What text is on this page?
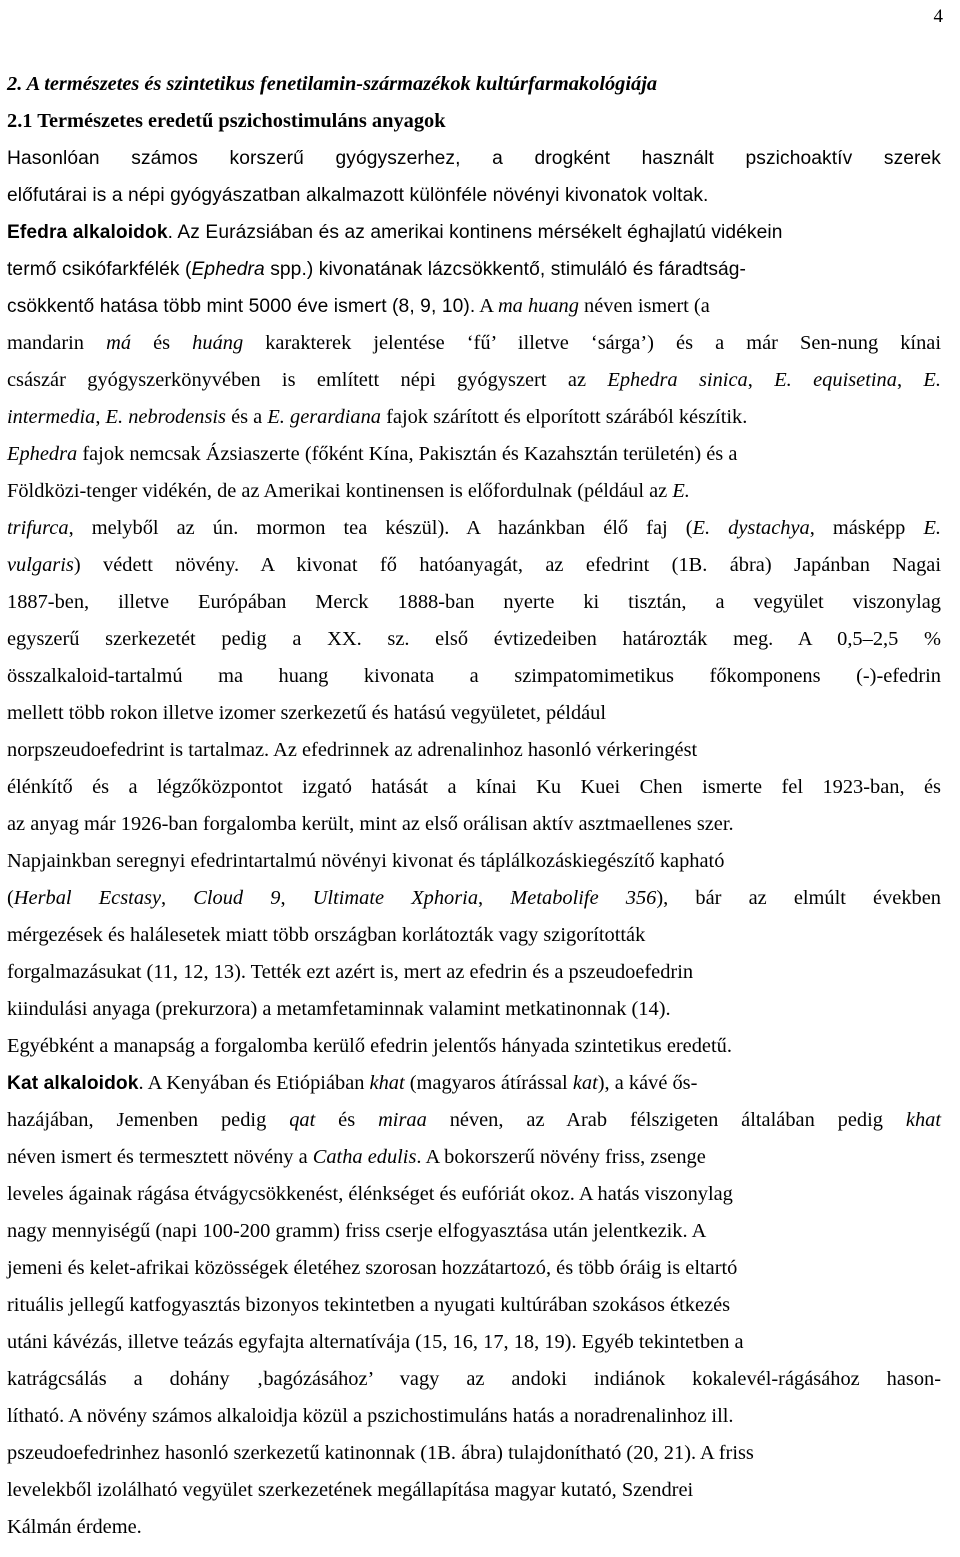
4
2. A természetes és szintetikus fenetilamin-származékok kultúrfarmakológiája
2.1 Természetes eredetű pszichostimuláns anyagok
Hasonlóan számos korszerű gyógyszerhez, a drogként használt pszichoaktív szerek
előfutárai is a népi gyógyászatban alkalmazott különféle növényi kivonatok voltak.
Efedra alkaloidok. Az Eurázsiában és az amerikai kontinens mérsékelt éghajlatú vidékein
termő csikófarkfélék (Ephedra spp.) kivonatának lázcsökkentő, stimuláló és fáradtság-
csökkentő hatása több mint 5000 éve ismert (8, 9, 10). A ma huang néven ismert (a
mandarin má és huáng karakterek jelentése ‘fű’ illetve ‘sárga’) és a már Sen-nung kínai
császár gyógyszerkönyvében is említett népi gyógyszert az Ephedra sinica, E. equisetina, E.
intermedia, E. nebrodensis és a E. gerardiana fajok szárított és elporított szárából készítik.
Ephedra fajok nemcsak Ázsiaszerte (főként Kína, Pakisztán és Kazahsztán területén) és a
Földközi-tenger vidékén, de az Amerikai kontinensen is előfordulnak (például az E.
trifurca, melyből az ún. mormon tea készül). A hazánkban élő faj (E. dystachya, másképp E.
vulgaris) védett növény. A kivonat fő hatóanyagát, az efedrint (1B. ábra) Japánban Nagai
1887-ben, illetve Európában Merck 1888-ban nyerte ki tisztán, a vegyület viszonylag
egyszerű szerkezetét pedig a XX. sz. első évtizedeiben határozták meg. A 0,5–2,5 %
összalkaloid-tartalmú ma huang kivonata a szimpatomimetikus főkomponens (-)-efedrin
mellett több rokon illetve izomer szerkezetű és hatású vegyületet, például
norpszeudoefedrint is tartalmaz. Az efedrinnek az adrenalinhoz hasonló vérkeringést
élénkítő és a légzőközpontot izgató hatását a kínai Ku Kuei Chen ismerte fel 1923-ban, és
az anyag már 1926-ban forgalomba került, mint az első orálisan aktív asztmaellenes szer.
Napjainkban seregnyi efedrintartalmú növényi kivonat és táplálkozáskiegészítő kapható
(Herbal Ecstasy, Cloud 9, Ultimate Xphoria, Metabolife 356), bár az elmúlt években
mérgezések és halálesetek miatt több országban korlátozták vagy szigorították
forgalmazásukat (11, 12, 13). Tették ezt azért is, mert az efedrin és a pszeudoefedrin
kiindulási anyaga (prekurzora) a metamfetaminnak valamint metkatinonnak (14).
Egyébként a manapság a forgalomba kerülő efedrin jelentős hányada szintetikus eredetű.
Kat alkaloidok. A Kenyában és Etiópiában khat (magyaros átírással kat), a kávé ős-
hazájában, Jemenben pedig qat és miraa néven, az Arab félszigeten általában pedig khat
néven ismert és termesztett növény a Catha edulis. A bokorszerű növény friss, zsenge
leveles ágainak rágása étvágycsökkenést, élénkséget és eufóriát okoz. A hatás viszonylag
nagy mennyiségű (napi 100-200 gramm) friss cserje elfogyasztása után jelentkezik. A
jemeni és kelet-afrikai közösségek életéhez szorosan hozzátartozó, és több óráig is eltartó
rituális jellegű katfogyasztás bizonyos tekintetben a nyugati kultúrában szokásos étkezés
utáni kávézás, illetve teázás egyfajta alternatívája (15, 16, 17, 18, 19). Egyéb tekintetben a
katrágcsálás a dohány ‚bagózásához’ vagy az andoki indiánok kokalevél-rágásához hason-
lítható. A növény számos alkaloidja közül a pszichostimuláns hatás a noradrenalinhoz ill.
pszeudoefedrinhez hasonló szerkezetű katinonnak (1B. ábra) tulajdonítható (20, 21). A friss
levelekből izolálható vegyület szerkezetének megállapítása magyar kutató, Szendrei
Kálmán érdeme.
